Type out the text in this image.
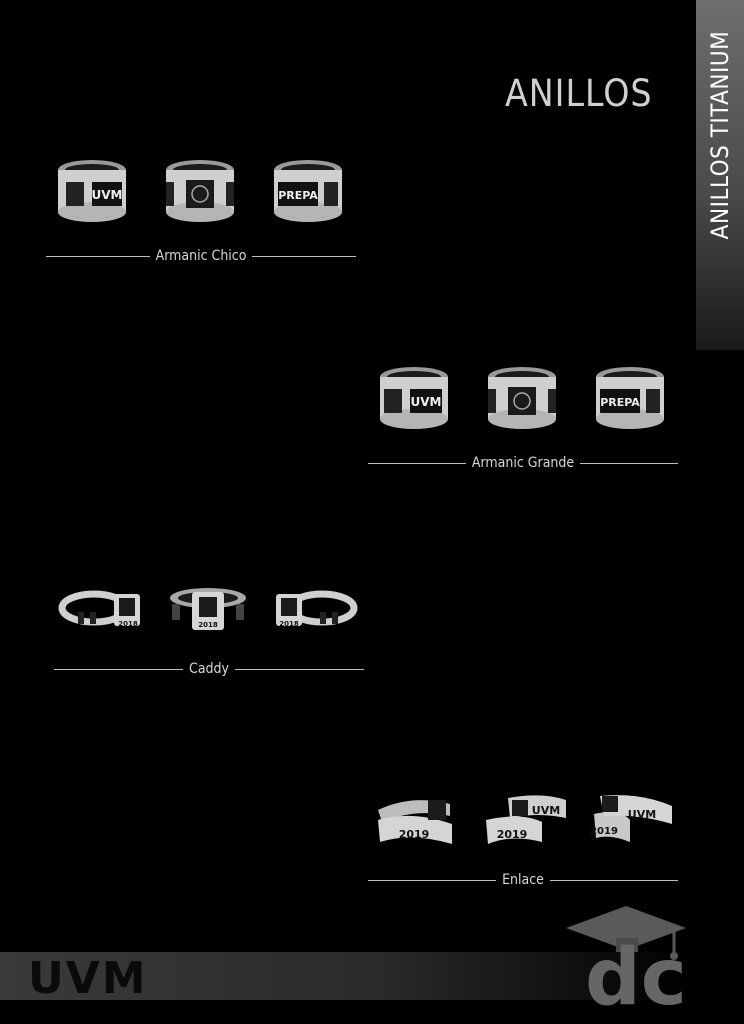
ANILLOS TITANIUM
ANILLOS
UVM	PREPA
Armanic Chico
UVM	PREPA
Armanic Grande
2018	2018	2018
Caddy
2019	2019
UVM
2019
UVM
Enlace
UVM	dc
